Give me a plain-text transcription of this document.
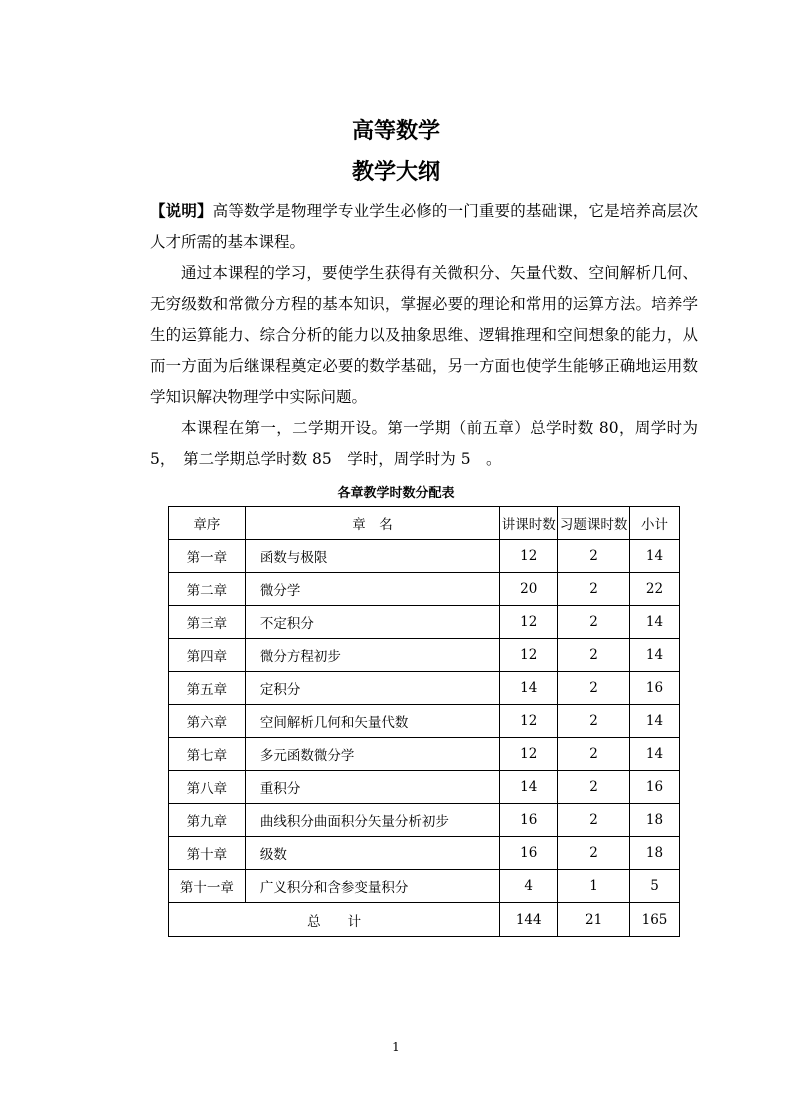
高等数学
教学大纲
【说明】高等数学是物理学专业学生必修的一门重要的基础课，它是培养高层次人才所需的基本课程。
通过本课程的学习，要使学生获得有关微积分、矢量代数、空间解析几何、无穷级数和常微分方程的基本知识，掌握必要的理论和常用的运算方法。培养学生的运算能力、综合分析的能力以及抽象思维、逻辑推理和空间想象的能力，从而一方面为后继课程奠定必要的数学基础，另一方面也使学生能够正确地运用数学知识解决物理学中实际问题。
本课程在第一，二学期开设。第一学期（前五章）总学时数 80，周学时为 5，　第二学期总学时数 85　学时，周学时为 5　。
各章教学时数分配表
章序	章　名	讲课时数	习题课时数	小计
第一章	函数与极限	12	2	14
第二章	微分学	20	2	22
第三章	不定积分	12	2	14
第四章	微分方程初步	12	2	14
第五章	定积分	14	2	16
第六章	空间解析几何和矢量代数	12	2	14
第七章	多元函数微分学	12	2	14
第八章	重积分	14	2	16
第九章	曲线积分曲面积分矢量分析初步	16	2	18
第十章	级数	16	2	18
第十一章	广义积分和含参变量积分	4	1	5
总　　计		144	21	165
1
